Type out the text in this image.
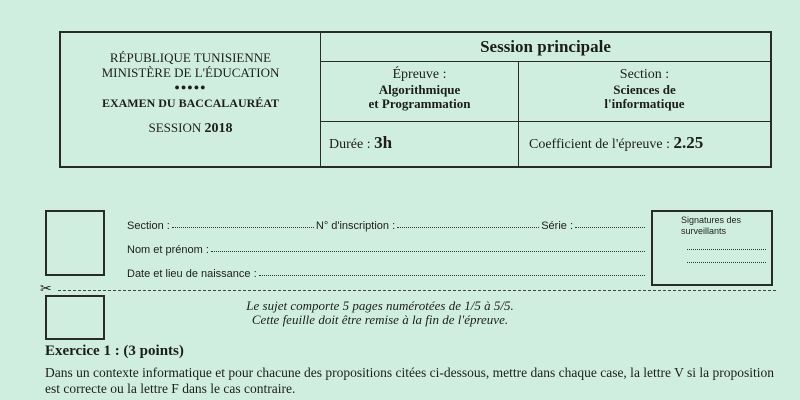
RÉPUBLIQUE TUNISIENNE
MINISTÈRE DE L'ÉDUCATION
●●●●●
EXAMEN DU BACCALAURÉAT
SESSION 2018
Session principale
Épreuve :
Algorithmique
et Programmation
Section :
Sciences de
l'informatique
Durée : 3h	Coefficient de l'épreuve : 2.25
Section :	N° d'inscription :	Série :
Nom et prénom :
Date et lieu de naissance :
Signatures des
surveillants
✂
Le sujet comporte 5 pages numérotées de 1/5 à 5/5.
Cette feuille doit être remise à la fin de l'épreuve.
Exercice 1 : (3 points)
Dans un contexte informatique et pour chacune des propositions citées ci-dessous, mettre dans chaque case, la lettre V si la proposition est correcte ou la lettre F dans le cas contraire.
